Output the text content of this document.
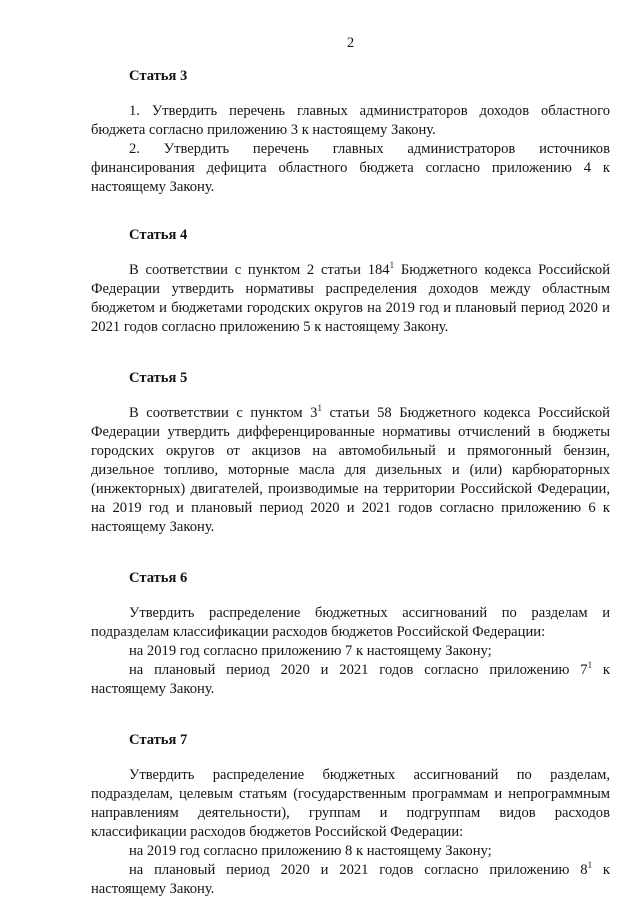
2
Статья 3

1. Утвердить перечень главных администраторов доходов областного бюджета согласно приложению 3 к настоящему Закону.

2. Утвердить перечень главных администраторов источников финансирования дефицита областного бюджета согласно приложению 4 к настоящему Закону.

Статья 4

В соответствии с пунктом 2 статьи $184^1$ Бюджетного кодекса Российской Федерации утвердить нормативы распределения доходов между областным бюджетом и бюджетами городских округов на 2019 год и плановый период 2020 и 2021 годов согласно приложению 5 к настоящему Закону.

Статья 5

В соответствии с пунктом $3^1$ статьи 58 Бюджетного кодекса Российской Федерации утвердить дифференцированные нормативы отчислений в бюджеты городских округов от акцизов на автомобильный и прямогонный бензин, дизельное топливо, моторные масла для дизельных и (или) карбюраторных (инжекторных) двигателей, производимые на территории Российской Федерации, на 2019 год и плановый период 2020 и 2021 годов согласно приложению 6 к настоящему Закону.

Статья 6

Утвердить распределение бюджетных ассигнований по разделам и подразделам классификации расходов бюджетов Российской Федерации:

на 2019 год согласно приложению 7 к настоящему Закону;

на плановый период 2020 и 2021 годов согласно приложению $7^1$ к настоящему Закону.

Статья 7

Утвердить распределение бюджетных ассигнований по разделам, подразделам, целевым статьям (государственным программам и непрограммным направлениям деятельности), группам и подгруппам видов расходов классификации расходов бюджетов Российской Федерации:

на 2019 год согласно приложению 8 к настоящему Закону;

на плановый период 2020 и 2021 годов согласно приложению $8^1$ к настоящему Закону.
